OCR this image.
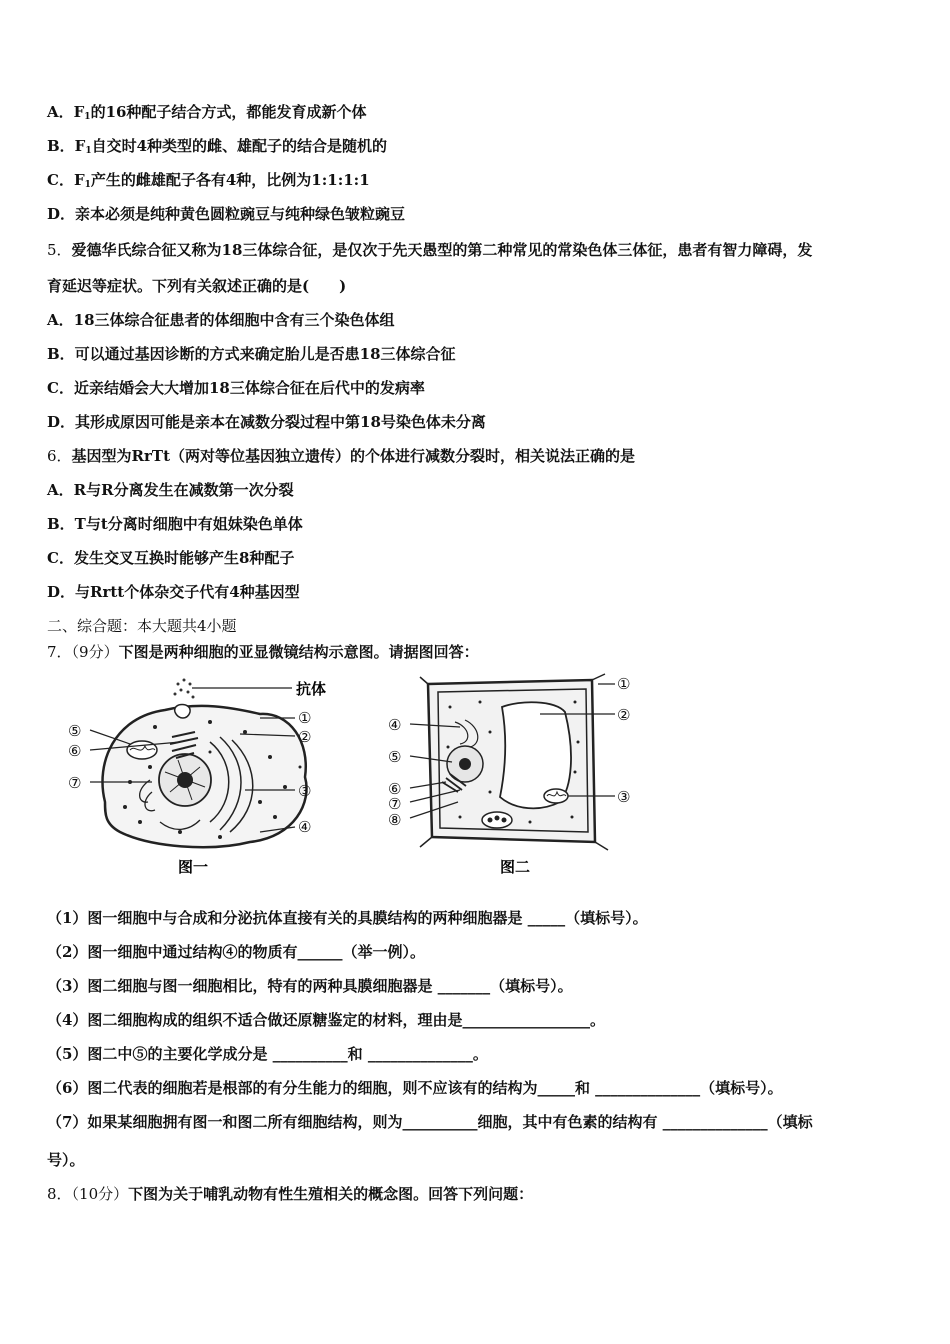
A．$F_1$的16种配子结合方式，都能发育成新个体
B．$F_1$自交时4种类型的雌、雄配子的结合是随机的
C．$F_1$产生的雌雄配子各有4种，比例为1:1:1:1
D．亲本必须是纯种黄色圆粒豌豆与纯种绿色皱粒豌豆
5．爱德华氏综合征又称为18三体综合征，是仅次于先天愚型的第二种常见的常染色体三体征，患者有智力障碍，发
育延迟等症状。下列有关叙述正确的是(　　)
A．18三体综合征患者的体细胞中含有三个染色体组
B．可以通过基因诊断的方式来确定胎儿是否患18三体综合征
C．近亲结婚会大大增加18三体综合征在后代中的发病率
D．其形成原因可能是亲本在减数分裂过程中第18号染色体未分离
6．基因型为RrTt（两对等位基因独立遗传）的个体进行减数分裂时，相关说法正确的是
A．R与R分离发生在减数第一次分裂
B．T与t分离时细胞中有姐妹染色单体
C．发生交叉互换时能够产生8种配子
D．与Rrtt个体杂交子代有4种基因型
二、综合题：本大题共4小题
7．（9分）下图是两种细胞的亚显微镜结构示意图。请据图回答：
⑤
⑥
⑦
①
②
③
④
抗体
图一
④
⑤
⑥
⑦
⑧
①
②
③
图二
（1）图一细胞中与合成和分泌抗体直接有关的具膜结构的两种细胞器是 _____（填标号）。
（2）图一细胞中通过结构④的物质有______（举一例）。
（3）图二细胞与图一细胞相比，特有的两种具膜细胞器是 _______（填标号）。
（4）图二细胞构成的组织不适合做还原糖鉴定的材料，理由是_________________。
（5）图二中⑤的主要化学成分是 __________和 ______________。
（6）图二代表的细胞若是根部的有分生能力的细胞，则不应该有的结构为_____和 ______________（填标号）。
（7）如果某细胞拥有图一和图二所有细胞结构，则为__________细胞，其中有色素的结构有 ______________（填标
号）。
8．（10分）下图为关于哺乳动物有性生殖相关的概念图。回答下列问题：
